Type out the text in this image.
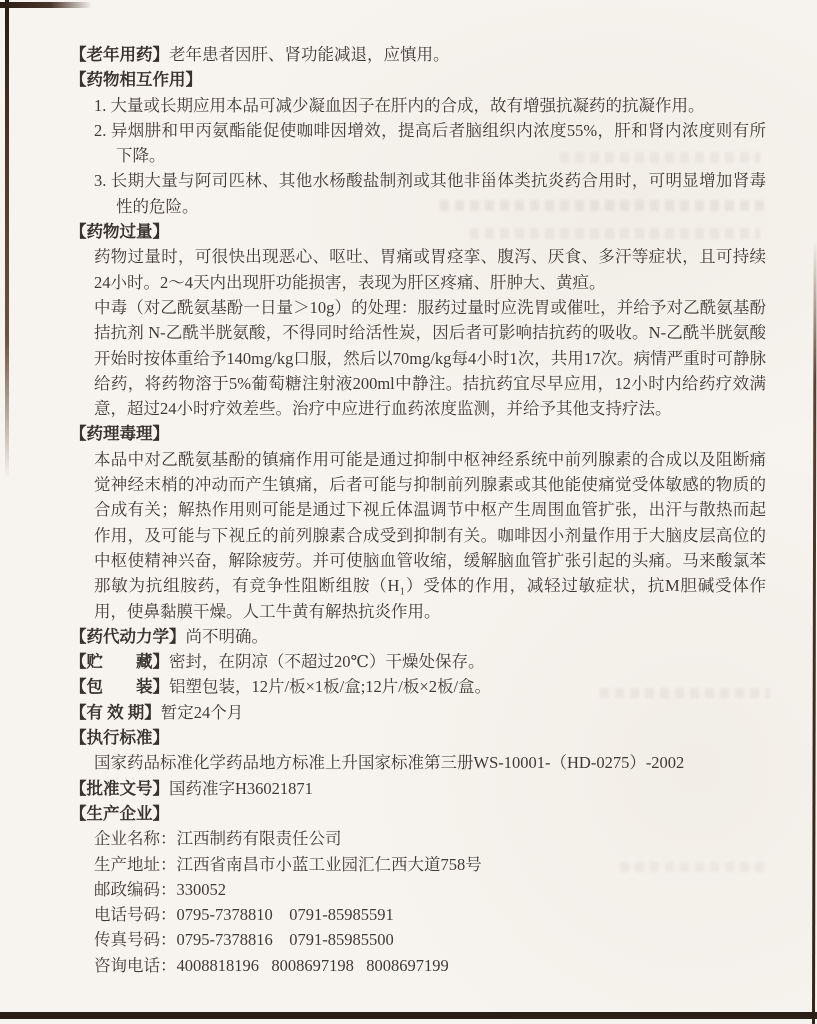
【老年用药】老年患者因肝、肾功能减退，应慎用。
【药物相互作用】
1. 大量或长期应用本品可减少凝血因子在肝内的合成，故有增强抗凝药的抗凝作用。
2. 异烟肼和甲丙氨酯能促使咖啡因增效，提高后者脑组织内浓度55%，肝和肾内浓度则有所下降。
3. 长期大量与阿司匹林、其他水杨酸盐制剂或其他非甾体类抗炎药合用时，可明显增加肾毒性的危险。
【药物过量】
药物过量时，可很快出现恶心、呕吐、胃痛或胃痉挛、腹泻、厌食、多汗等症状，且可持续24小时。2～4天内出现肝功能损害，表现为肝区疼痛、肝肿大、黄疸。
中毒（对乙酰氨基酚一日量＞10g）的处理：服药过量时应洗胃或催吐，并给予对乙酰氨基酚拮抗剂 N-乙酰半胱氨酸，不得同时给活性炭，因后者可影响拮抗药的吸收。N-乙酰半胱氨酸开始时按体重给予140mg/kg口服，然后以70mg/kg每4小时1次，共用17次。病情严重时可静脉给药，将药物溶于5%葡萄糖注射液200ml中静注。拮抗药宜尽早应用，12小时内给药疗效满意，超过24小时疗效差些。治疗中应进行血药浓度监测，并给予其他支持疗法。
【药理毒理】
本品中对乙酰氨基酚的镇痛作用可能是通过抑制中枢神经系统中前列腺素的合成以及阻断痛觉神经末梢的冲动而产生镇痛，后者可能与抑制前列腺素或其他能使痛觉受体敏感的物质的合成有关；解热作用则可能是通过下视丘体温调节中枢产生周围血管扩张，出汗与散热而起作用，及可能与下视丘的前列腺素合成受到抑制有关。咖啡因小剂量作用于大脑皮层高位的中枢使精神兴奋，解除疲劳。并可使脑血管收缩，缓解脑血管扩张引起的头痛。马来酸氯苯那敏为抗组胺药，有竞争性阻断组胺（H₁）受体的作用，减轻过敏症状，抗M胆碱受体作用，使鼻黏膜干燥。人工牛黄有解热抗炎作用。
【药代动力学】尚不明确。
【贮　　藏】密封，在阴凉（不超过20℃）干燥处保存。
【包　　装】铝塑包装，12片/板×1板/盒;12片/板×2板/盒。
【有 效 期】暂定24个月
【执行标准】
国家药品标准化学药品地方标准上升国家标准第三册WS-10001-（HD-0275）-2002
【批准文号】国药准字H36021871
【生产企业】
企业名称：江西制药有限责任公司
生产地址：江西省南昌市小蓝工业园汇仁西大道758号
邮政编码：330052
电话号码：0795-7378810    0791-85985591
传真号码：0795-7378816    0791-85985500
咨询电话：4008818196   8008697198   8008697199
